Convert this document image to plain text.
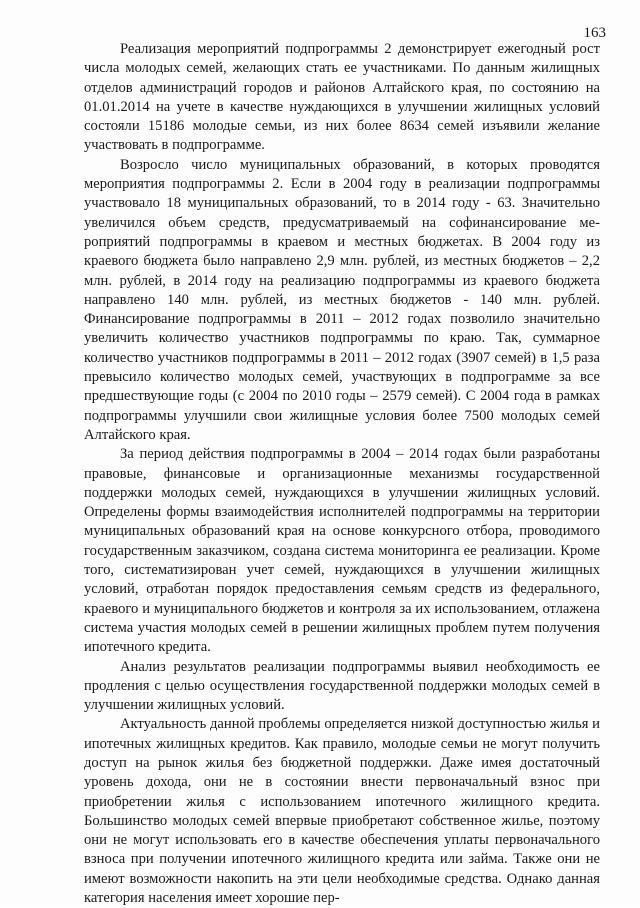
163

Реализация мероприятий подпрограммы 2 демонстрирует ежегодный рост числа молодых семей, желающих стать ее участниками. По данным жилищных отделов администраций городов и районов Алтайского края, по состоянию на 01.01.2014 на учете в качестве нуждающихся в улучшении жилищных условий состояли 15186 молодые семьи, из них более 8634 семей изъявили желание участвовать в подпрограмме.

Возросло число муниципальных образований, в которых проводятся мероприятия подпрограммы 2. Если в 2004 году в реализации подпрограммы участвовало 18 муниципальных образований, то в 2014 году - 63. Значительно увеличился объем средств, предусматриваемый на софинансирование мероприятий подпрограммы в краевом и местных бюджетах. В 2004 году из краевого бюджета было направлено 2,9 млн. рублей, из местных бюджетов – 2,2 млн. рублей, в 2014 году на реализацию подпрограммы из краевого бюджета направлено 140 млн. рублей, из местных бюджетов - 140 млн. рублей. Финансирование подпрограммы в 2011 – 2012 годах позволило значительно увеличить количество участников подпрограммы по краю. Так, суммарное количество участников подпрограммы в 2011 – 2012 годах (3907 семей) в 1,5 раза превысило количество молодых семей, участвующих в подпрограмме за все предшествующие годы (с 2004 по 2010 годы – 2579 семей). С 2004 года в рамках подпрограммы улучшили свои жилищные условия более 7500 молодых семей Алтайского края.

За период действия подпрограммы в 2004 – 2014 годах были разработаны правовые, финансовые и организационные механизмы государственной поддержки молодых семей, нуждающихся в улучшении жилищных условий. Определены формы взаимодействия исполнителей подпрограммы на территории муниципальных образований края на основе конкурсного отбора, проводимого государственным заказчиком, создана система мониторинга ее реализации. Кроме того, систематизирован учет семей, нуждающихся в улучшении жилищных условий, отработан порядок предоставления семьям средств из федерального, краевого и муниципального бюджетов и контроля за их использованием, отлажена система участия молодых семей в решении жилищных проблем путем получения ипотечного кредита.

Анализ результатов реализации подпрограммы выявил необходимость ее продления с целью осуществления государственной поддержки молодых семей в улучшении жилищных условий.

Актуальность данной проблемы определяется низкой доступностью жилья и ипотечных жилищных кредитов. Как правило, молодые семьи не могут получить доступ на рынок жилья без бюджетной поддержки. Даже имея достаточный уровень дохода, они не в состоянии внести первоначальный взнос при приобретении жилья с использованием ипотечного жилищного кредита. Большинство молодых семей впервые приобретают собственное жилье, поэтому они не могут использовать его в качестве обеспечения уплаты первоначального взноса при получении ипотечного жилищного кредита или займа. Также они не имеют возможности накопить на эти цели необходимые средства. Однако данная категория населения имеет хорошие пер-
